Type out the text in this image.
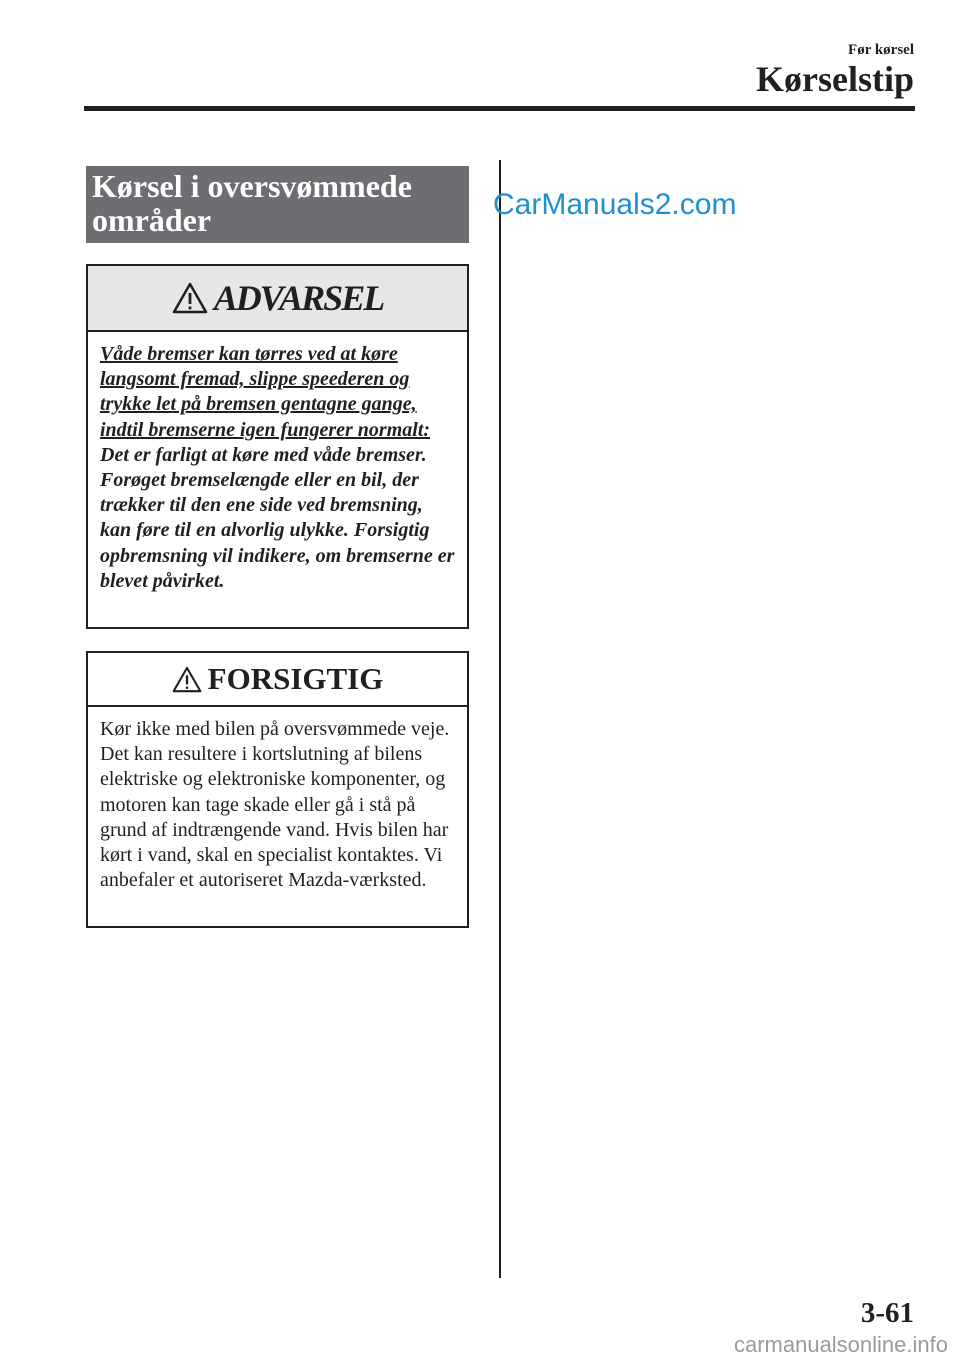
Før kørsel
Kørselstip
Kørsel i oversvømmede områder
ADVARSEL
Våde bremser kan tørres ved at køre langsomt fremad, slippe speederen og trykke let på bremsen gentagne gange, indtil bremserne igen fungerer normalt:
Det er farligt at køre med våde bremser. Forøget bremselængde eller en bil, der trækker til den ene side ved bremsning, kan føre til en alvorlig ulykke. Forsigtig opbremsning vil indikere, om bremserne er blevet påvirket.
FORSIGTIG
Kør ikke med bilen på oversvømmede veje. Det kan resultere i kortslutning af bilens elektriske og elektroniske komponenter, og motoren kan tage skade eller gå i stå på grund af indtrængende vand. Hvis bilen har kørt i vand, skal en specialist kontaktes. Vi anbefaler et autoriseret Mazda-værksted.
CarManuals2.com
3-61
carmanualsonline.info
